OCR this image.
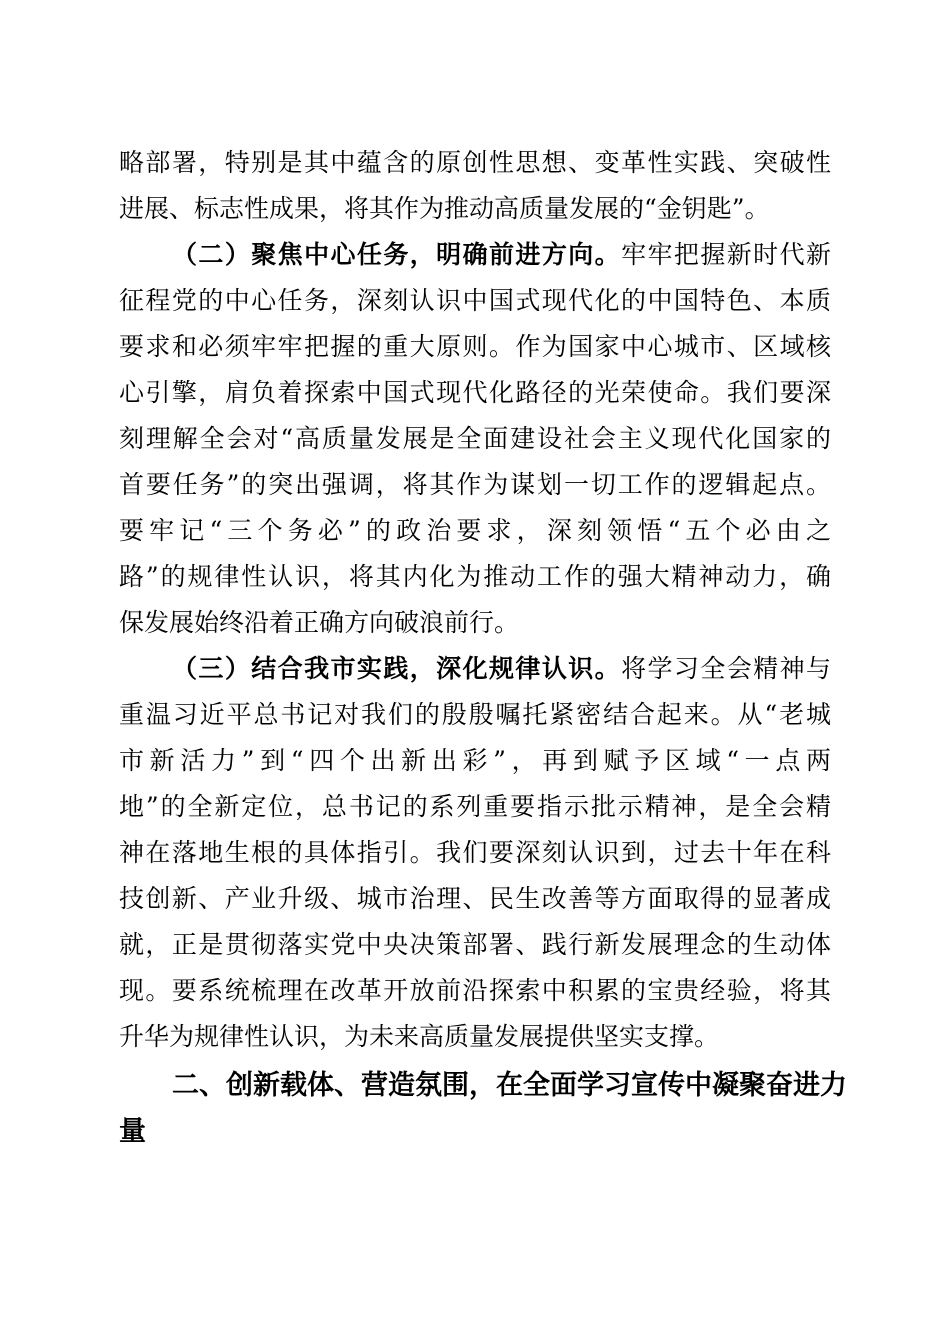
略部署，特别是其中蕴含的原创性思想、变革性实践、突破性
进展、标志性成果，将其作为推动高质量发展的“金钥匙”。
（二）聚焦中心任务，明确前进方向。牢牢把握新时代新
征程党的中心任务，深刻认识中国式现代化的中国特色、本质
要求和必须牢牢把握的重大原则。作为国家中心城市、区域核
心引擎，肩负着探索中国式现代化路径的光荣使命。我们要深
刻理解全会对“高质量发展是全面建设社会主义现代化国家的
首要任务”的突出强调，将其作为谋划一切工作的逻辑起点。
要牢记“三个务必”的政治要求，深刻领悟“五个必由之
路”的规律性认识，将其内化为推动工作的强大精神动力，确
保发展始终沿着正确方向破浪前行。
（三）结合我市实践，深化规律认识。将学习全会精神与
重温习近平总书记对我们的殷殷嘱托紧密结合起来。从“老城
市新活力”到“四个出新出彩”，再到赋予区域“一点两
地”的全新定位，总书记的系列重要指示批示精神，是全会精
神在落地生根的具体指引。我们要深刻认识到，过去十年在科
技创新、产业升级、城市治理、民生改善等方面取得的显著成
就，正是贯彻落实党中央决策部署、践行新发展理念的生动体
现。要系统梳理在改革开放前沿探索中积累的宝贵经验，将其
升华为规律性认识，为未来高质量发展提供坚实支撑。
二、创新载体、营造氛围，在全面学习宣传中凝聚奋进力
量
